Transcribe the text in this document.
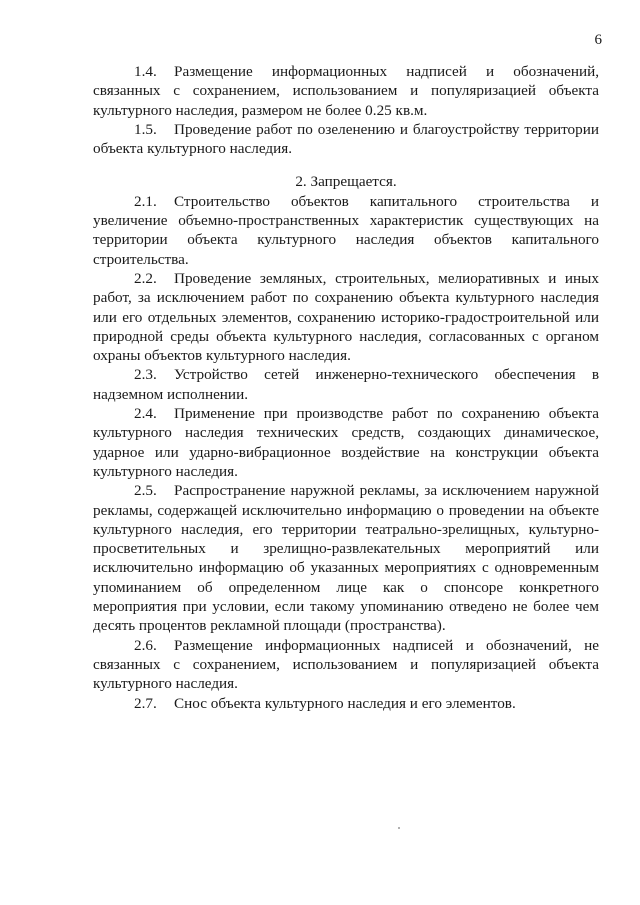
6

1.4. Размещение информационных надписей и обозначений, связанных с сохранением, использованием и популяризацией объекта культурного наследия, размером не более 0.25 кв.м.

1.5. Проведение работ по озеленению и благоустройству территории объекта культурного наследия.

2. Запрещается.

2.1. Строительство объектов капитального строительства и увеличение объемно-пространственных характеристик существующих на территории объекта культурного наследия объектов капитального строительства.

2.2. Проведение земляных, строительных, мелиоративных и иных работ, за исключением работ по сохранению объекта культурного наследия или его отдельных элементов, сохранению историко-градостроительной или природной среды объекта культурного наследия, согласованных с органом охраны объектов культурного наследия.

2.3. Устройство сетей инженерно-технического обеспечения в надземном исполнении.

2.4. Применение при производстве работ по сохранению объекта культурного наследия технических средств, создающих динамическое, ударное или ударно-вибрационное воздействие на конструкции объекта культурного наследия.

2.5. Распространение наружной рекламы, за исключением наружной рекламы, содержащей исключительно информацию о проведении на объекте культурного наследия, его территории театрально-зрелищных, культурно-просветительных и зрелищно-развлекательных мероприятий или исключительно информацию об указанных мероприятиях с одновременным упоминанием об определенном лице как о спонсоре конкретного мероприятия при условии, если такому упоминанию отведено не более чем десять процентов рекламной площади (пространства).

2.6. Размещение информационных надписей и обозначений, не связанных с сохранением, использованием и популяризацией объекта культурного наследия.

2.7. Снос объекта культурного наследия и его элементов.
